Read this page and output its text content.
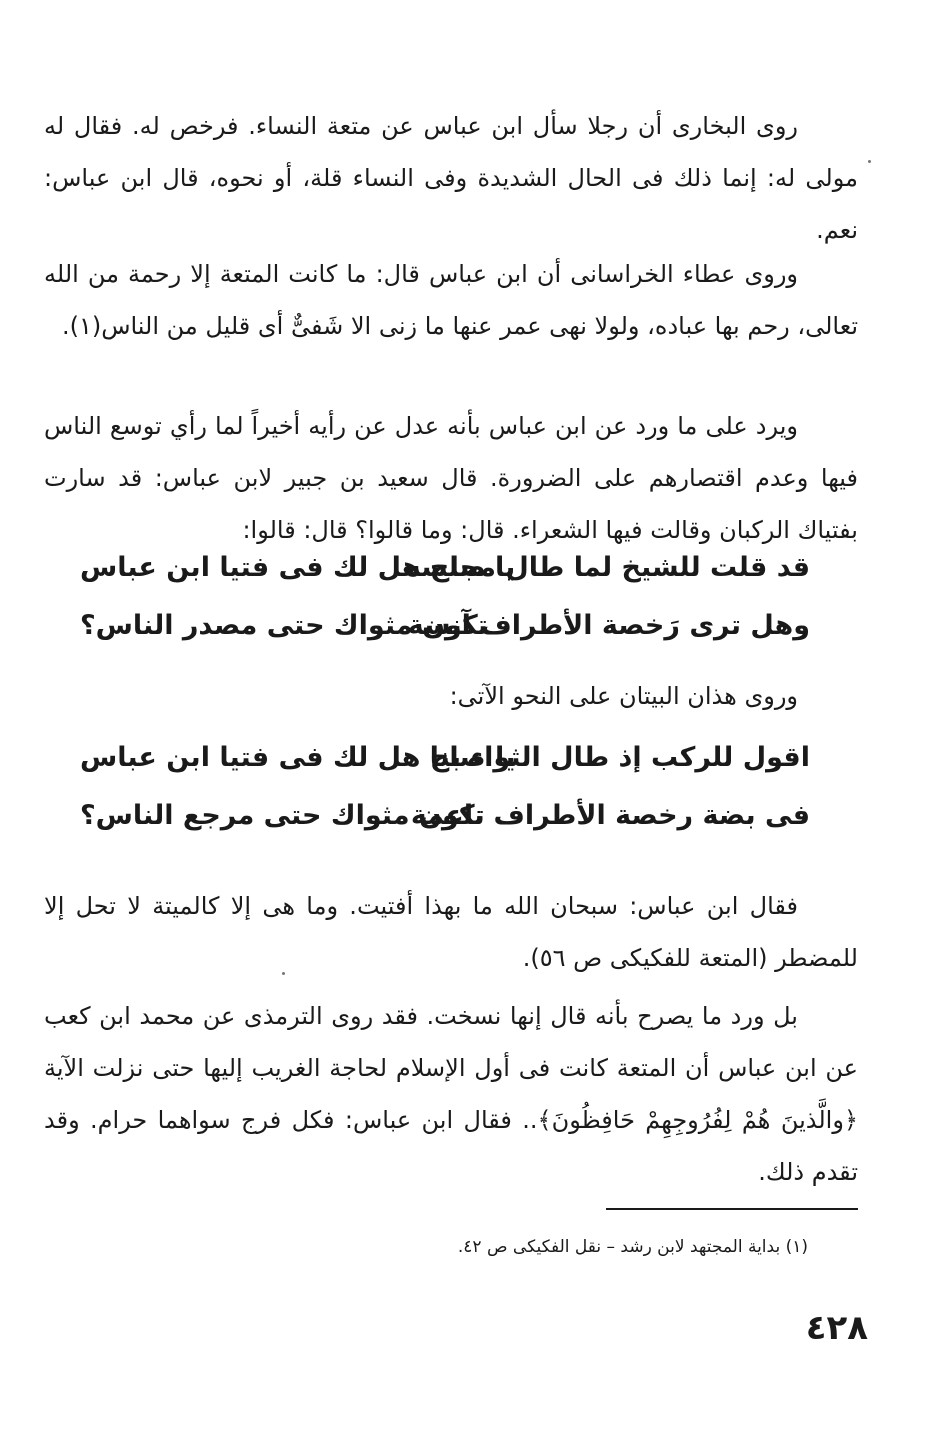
روى البخارى أن رجلا سأل ابن عباس عن متعة النساء. فرخص له. فقال له مولى له: إنما ذلك فى الحال الشديدة وفى النساء قلة، أو نحوه، قال ابن عباس: نعم.

وروى عطاء الخراسانى أن ابن عباس قال: ما كانت المتعة إلا رحمة من الله تعالى، رحم بها عباده، ولولا نهى عمر عنها ما زنى الا شَفىٌّ أى قليل من الناس(١).

ويرد على ما ورد عن ابن عباس بأنه عدل عن رأيه أخيراً لما رأي توسع الناس فيها وعدم اقتصارهم على الضرورة. قال سعيد بن جبير لابن عباس: قد سارت بفتياك الركبان وقالت فيها الشعراء. قال: وما قالوا؟ قال: قالوا:

قد قلت للشيخ لما طال مجلسه
يا صاح هل لك فى فتيا ابن عباس
وهل ترى رَخصة الأطراف آنسة
تكون مثواك حتى مصدر الناس؟

وروى هذان البيتان على النحو الآتى:

اقول للركب إذ طال الثواء بنا
يا صاح هل لك فى فتيا ابن عباس
فى بضة رخصة الأطراف ناعمة
تكون مثواك حتى مرجع الناس؟

فقال ابن عباس: سبحان الله ما بهذا أفتيت. وما هى إلا كالميتة لا تحل إلا للمضطر (المتعة للفكيكى ص ٥٦).

بل ورد ما يصرح بأنه قال إنها نسخت. فقد روى الترمذى عن محمد ابن كعب عن ابن عباس أن المتعة كانت فى أول الإسلام لحاجة الغريب إليها حتى نزلت الآية ﴿والَّذينَ هُمْ لِفُرُوجِهِمْ حَافِظُونَ﴾.. فقال ابن عباس: فكل فرج سواهما حرام. وقد تقدم ذلك.

(١) بداية المجتهد لابن رشد – نقل الفكيكى ص ٤٢.
٤٢٨
